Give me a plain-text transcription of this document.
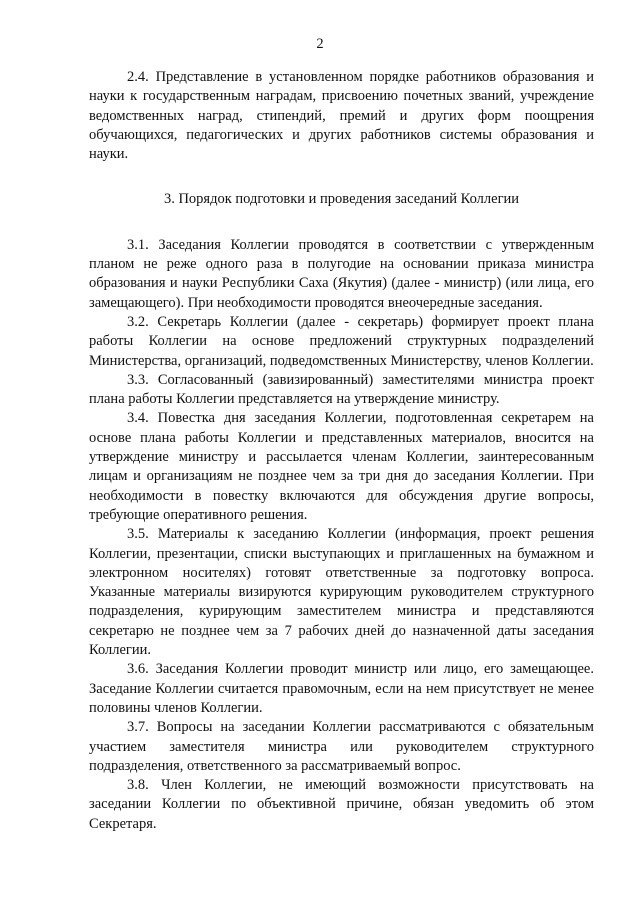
2

2.4. Представление в установленном порядке работников образования и науки к государственным наградам, присвоению почетных званий, учреждение ведомственных наград, стипендий, премий и других форм поощрения обучающихся, педагогических и других работников системы образования и науки.

3. Порядок подготовки и проведения заседаний Коллегии

3.1. Заседания Коллегии проводятся в соответствии с утвержденным планом не реже одного раза в полугодие на основании приказа министра образования и науки Республики Саха (Якутия) (далее - министр) (или лица, его замещающего). При необходимости проводятся внеочередные заседания.

3.2. Секретарь Коллегии (далее - секретарь) формирует проект плана работы Коллегии на основе предложений структурных подразделений Министерства, организаций, подведомственных Министерству, членов Коллегии.

3.3. Согласованный (завизированный) заместителями министра проект плана работы Коллегии представляется на утверждение министру.

3.4. Повестка дня заседания Коллегии, подготовленная секретарем на основе плана работы Коллегии и представленных материалов, вносится на утверждение министру и рассылается членам Коллегии, заинтересованным лицам и организациям не позднее чем за три дня до заседания Коллегии. При необходимости в повестку включаются для обсуждения другие вопросы, требующие оперативного решения.

3.5. Материалы к заседанию Коллегии (информация, проект решения Коллегии, презентации, списки выступающих и приглашенных на бумажном и электронном носителях) готовят ответственные за подготовку вопроса. Указанные материалы визируются курирующим руководителем структурного подразделения, курирующим заместителем министра и представляются секретарю не позднее чем за 7 рабочих дней до назначенной даты заседания Коллегии.

3.6. Заседания Коллегии проводит министр или лицо, его замещающее. Заседание Коллегии считается правомочным, если на нем присутствует не менее половины членов Коллегии.

3.7. Вопросы на заседании Коллегии рассматриваются с обязательным участием заместителя министра или руководителем структурного подразделения, ответственного за рассматриваемый вопрос.

3.8. Член Коллегии, не имеющий возможности присутствовать на заседании Коллегии по объективной причине, обязан уведомить об этом Секретаря.
